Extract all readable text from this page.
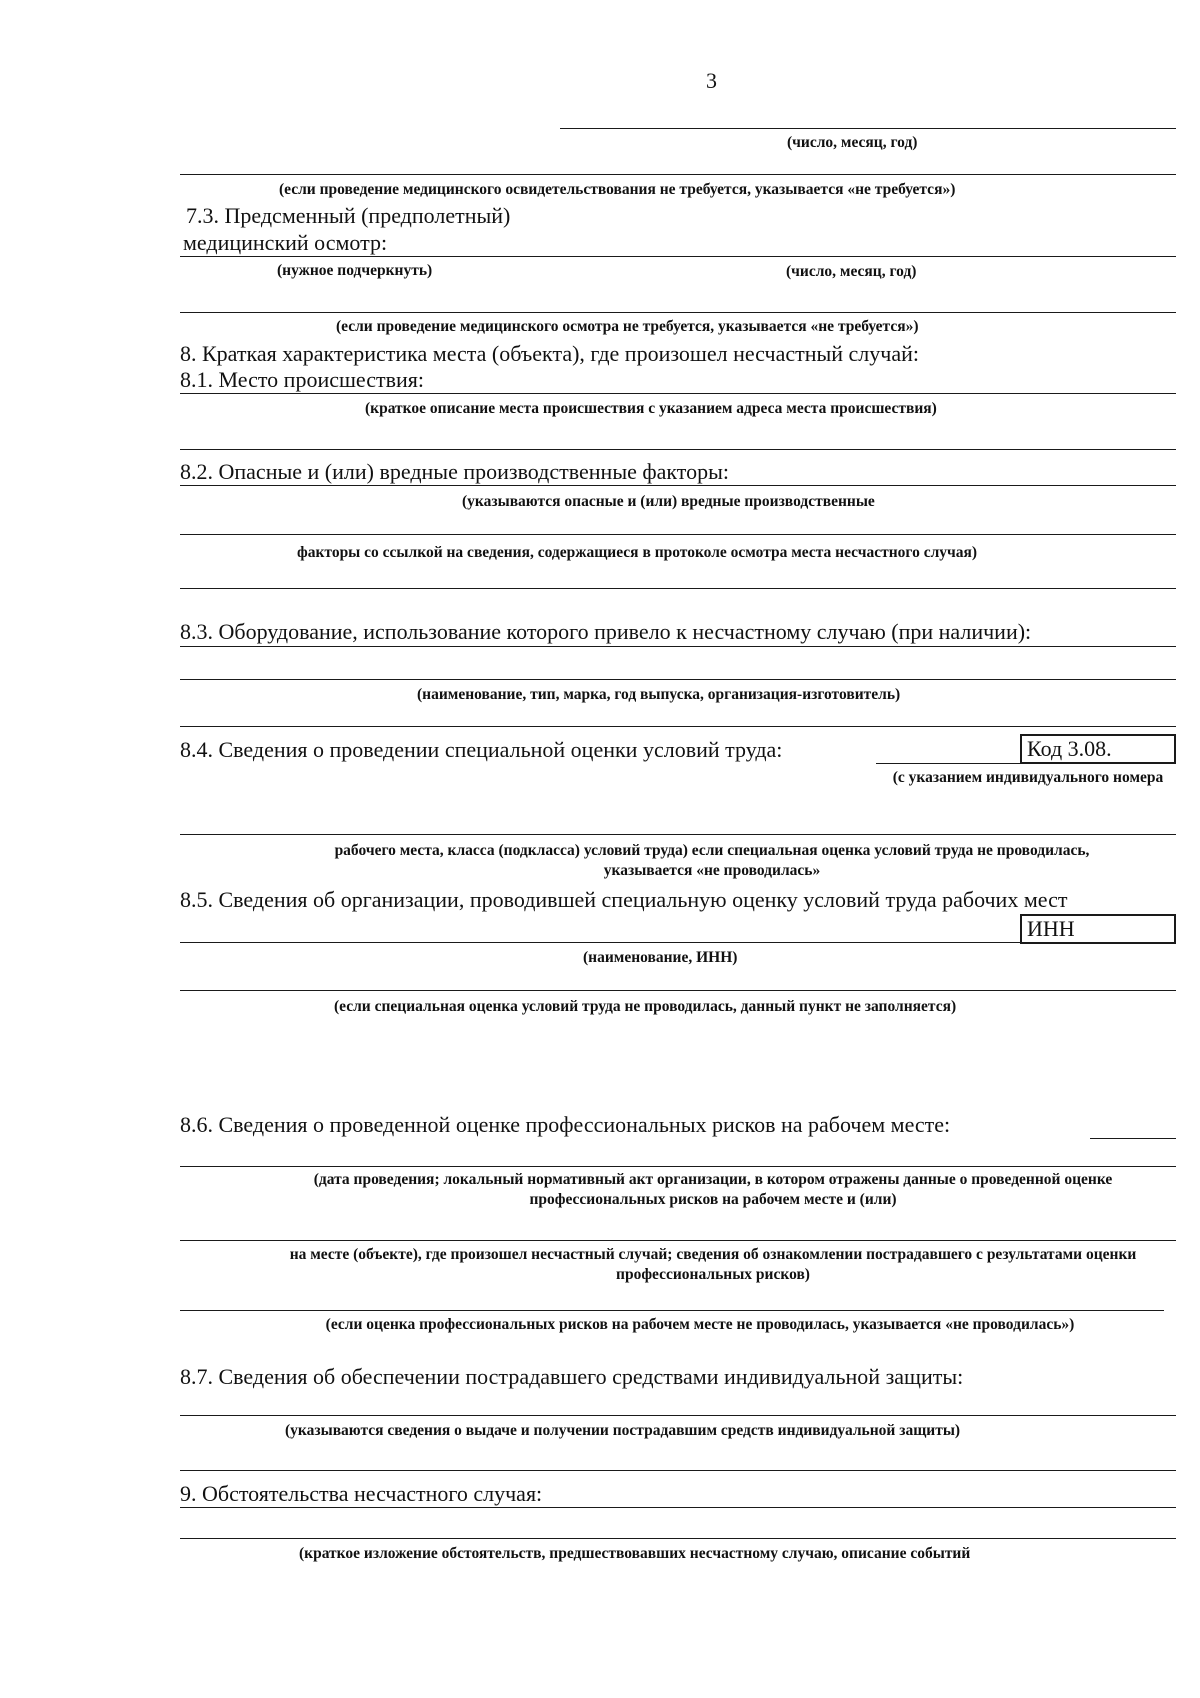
3
(число, месяц, год)
(если проведение медицинского освидетельствования не требуется, указывается «не требуется»)
7.3. Предсменный (предполетный)
медицинский осмотр:
(нужное подчеркнуть)	(число, месяц, год)
(если проведение медицинского осмотра не требуется, указывается «не требуется»)
8. Краткая характеристика места (объекта), где произошел несчастный случай:
8.1. Место происшествия:
(краткое описание места происшествия с указанием адреса места происшествия)
8.2. Опасные и (или) вредные производственные факторы:
(указываются опасные и (или) вредные производственные
факторы со ссылкой на сведения, содержащиеся в протоколе осмотра места несчастного случая)
8.3. Оборудование, использование которого привело к несчастному случаю (при наличии):
(наименование, тип, марка, год выпуска, организация-изготовитель)
8.4. Сведения о проведении специальной оценки условий труда:	Код 3.08.
(с указанием индивидуального номера
рабочего места, класса (подкласса) условий труда) если специальная оценка условий труда не проводилась, указывается «не проводилась»
8.5. Сведения об организации, проводившей специальную оценку условий труда рабочих мест
ИНН
(наименование, ИНН)
(если специальная оценка условий труда не проводилась, данный пункт не заполняется)
8.6. Сведения о проведенной оценке профессиональных рисков на рабочем месте:
(дата проведения; локальный нормативный акт организации, в котором отражены данные о проведенной оценке профессиональных рисков на рабочем месте и (или)
на месте (объекте), где произошел несчастный случай; сведения об ознакомлении пострадавшего с результатами оценки профессиональных рисков)
(если оценка профессиональных рисков на рабочем месте не проводилась, указывается «не проводилась»)
8.7. Сведения об обеспечении пострадавшего средствами индивидуальной защиты:
(указываются сведения о выдаче и получении пострадавшим средств индивидуальной защиты)
9. Обстоятельства несчастного случая:
(краткое изложение обстоятельств, предшествовавших несчастному случаю, описание событий
